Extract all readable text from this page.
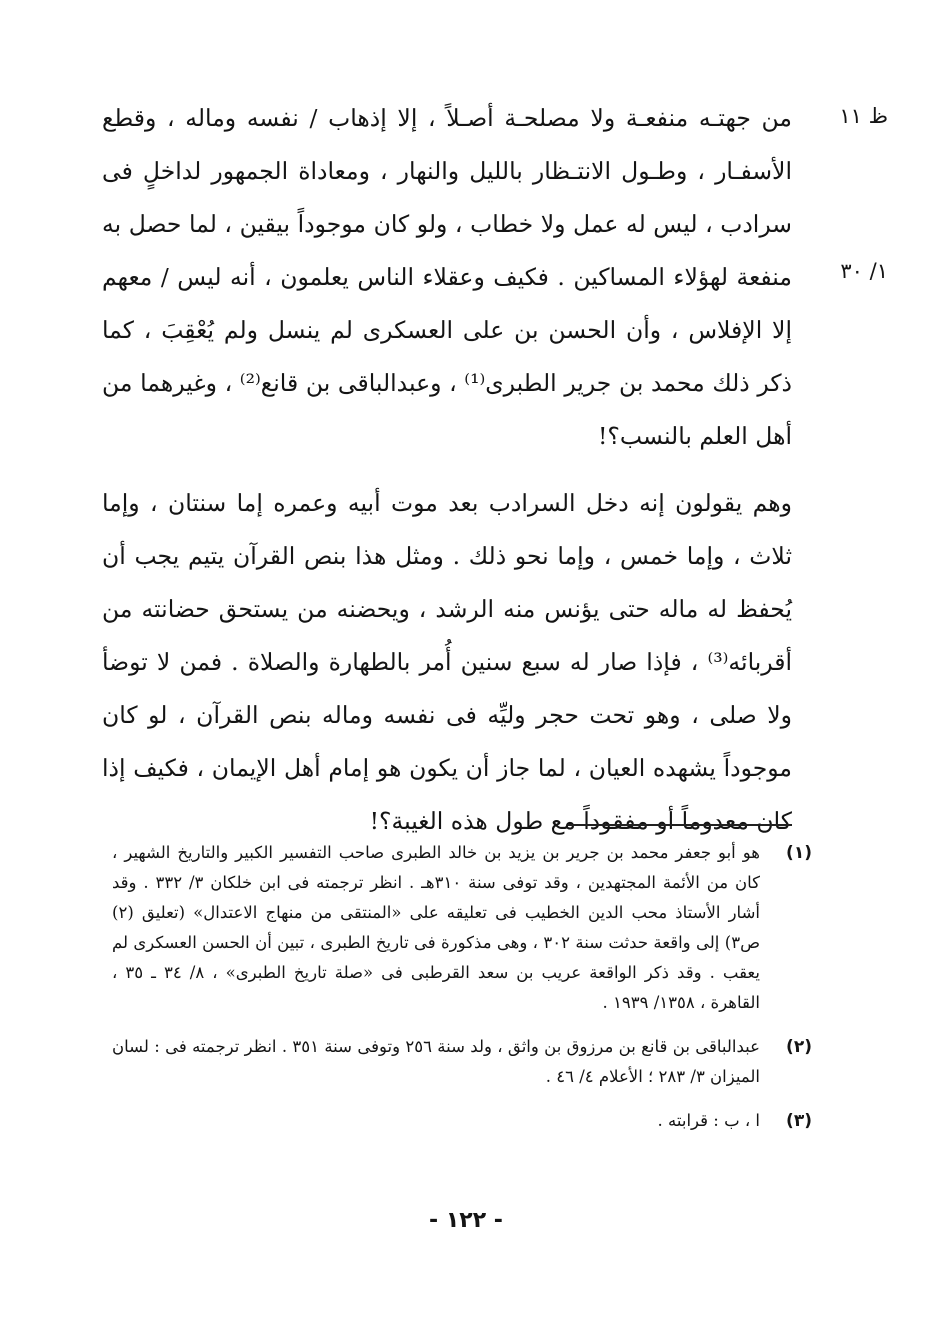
ظ ١١
١/ ٣٠

من جهتـه منفعـة ولا مصلحـة أصـلاً ، إلا إذهاب / نفسه وماله ، وقطع الأسفـار ، وطـول الانتـظار بالليل والنهار ، ومعاداة الجمهور لداخلٍ فى سرادب ، ليس له عمل ولا خطاب ، ولو كان موجوداً بيقين ، لما حصل به منفعة لهؤلاء المساكين . فكيف وعقلاء الناس يعلمون ، أنه ليس / معهم إلا الإفلاس ، وأن الحسن بن على العسكرى لم ينسل ولم يُعْقِبَ ، كما ذكر ذلك محمد بن جرير الطبرى⁽¹⁾ ، وعبدالباقى بن قانع⁽²⁾ ، وغيرهما من أهل العلم بالنسب؟!

وهم يقولون إنه دخل السرادب بعد موت أبيه وعمره إما سنتان ، وإما ثلاث ، وإما خمس ، وإما نحو ذلك . ومثل هذا بنص القرآن يتيم يجب أن يُحفظ له ماله حتى يؤنس منه الرشد ، ويحضنه من يستحق حضانته من أقربائه⁽³⁾ ، فإذا صار له سبع سنين أُمر بالطهارة والصلاة . فمن لا توضأ ولا صلى ، وهو تحت حجر وليِّه فى نفسه وماله بنص القرآن ، لو كان موجوداً يشهده العيان ، لما جاز أن يكون هو إمام أهل الإيمان ، فكيف إذا كان معدوماً أو مفقوداً مع طول هذه الغيبة؟!

(١)
هو أبو جعفر محمد بن جرير بن يزيد بن خالد الطبرى صاحب التفسير الكبير والتاريخ الشهير ، كان من الأئمة المجتهدين ، وقد توفى سنة ٣١٠هـ . انظر ترجمته فى ابن خلكان ٣/ ٣٣٢ . وقد أشار الأستاذ محب الدين الخطيب فى تعليقه على «المنتقى من منهاج الاعتدال» (تعليق (٢) ص٣) إلى واقعة حدثت سنة ٣٠٢ ، وهى مذكورة فى تاريخ الطبرى ، تبين أن الحسن العسكرى لم يعقب . وقد ذكر الواقعة عريب بن سعد القرطبى فى «صلة تاريخ الطبرى» ، ٨/ ٣٤ ـ ٣٥ ، القاهرة ، ١٣٥٨/ ١٩٣٩ .
(٢)
عبدالباقى بن قانع بن مرزوق بن واثق ، ولد سنة ٢٥٦ وتوفى سنة ٣٥١ . انظر ترجمته فى : لسان الميزان ٣/ ٢٨٣ ؛ الأعلام ٤/ ٤٦ .
(٣)
ا ، ب : قرابته .
- ١٢٢ -
